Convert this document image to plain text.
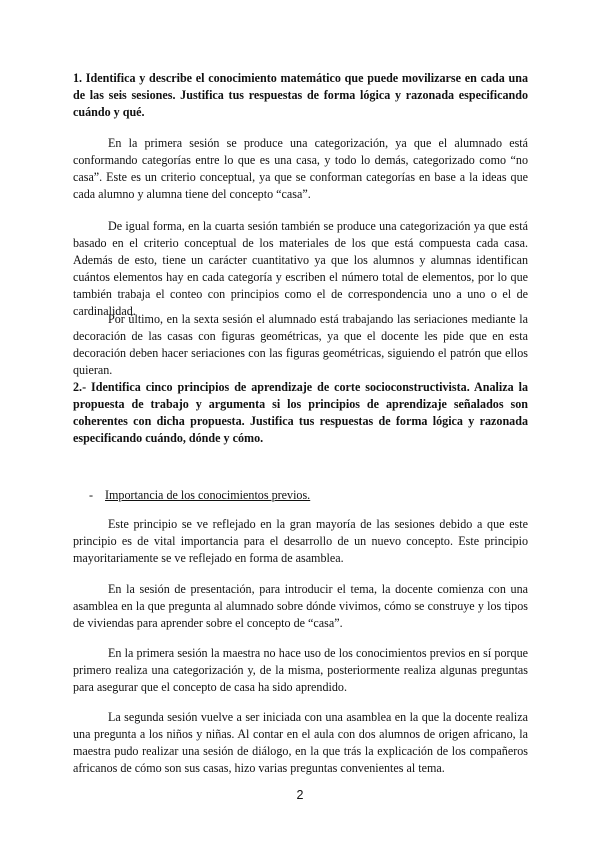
1. Identifica y describe el conocimiento matemático que puede movilizarse en cada una de las seis sesiones. Justifica tus respuestas de forma lógica y razonada especificando cuándo y qué.
En la primera sesión se produce una categorización, ya que el alumnado está conformando categorías entre lo que es una casa, y todo lo demás, categorizado como “no casa”. Este es un criterio conceptual, ya que se conforman categorías en base a la ideas que cada alumno y alumna tiene del concepto “casa”.
De igual forma, en la cuarta sesión también se produce una categorización ya que está basado en el criterio conceptual de los materiales de los que está compuesta cada casa. Además de esto, tiene un carácter cuantitativo ya que los alumnos y alumnas identifican cuántos elementos hay en cada categoría y escriben el número total de elementos, por lo que también trabaja el conteo con principios como el de correspondencia uno a uno o el de cardinalidad.
Por último, en la sexta sesión el alumnado está trabajando las seriaciones mediante la decoración de las casas con figuras geométricas, ya que el docente les pide que en esta decoración deben hacer seriaciones con las figuras geométricas, siguiendo el patrón que ellos quieran.
2.- Identifica cinco principios de aprendizaje de corte socioconstructivista. Analiza la propuesta de trabajo y argumenta si los principios de aprendizaje señalados son coherentes con dicha propuesta. Justifica tus respuestas de forma lógica y razonada especificando cuándo, dónde y cómo.
- Importancia de los conocimientos previos.
Este principio se ve reflejado en la gran mayoría de las sesiones debido a que este principio es de vital importancia para el desarrollo de un nuevo concepto. Este principio mayoritariamente se ve reflejado en forma de asamblea.
En la sesión de presentación, para introducir el tema, la docente comienza con una asamblea en la que pregunta al alumnado sobre dónde vivimos, cómo se construye y los tipos de viviendas para aprender sobre el concepto de “casa”.
En la primera sesión la maestra no hace uso de los conocimientos previos en sí porque primero realiza una categorización y, de la misma, posteriormente realiza algunas preguntas para asegurar que el concepto de casa ha sido aprendido.
La segunda sesión vuelve a ser iniciada con una asamblea en la que la docente realiza una pregunta a los niños y niñas. Al contar en el aula con dos alumnos de origen africano, la maestra pudo realizar una sesión de diálogo, en la que trás la explicación de los compañeros africanos de cómo son sus casas, hizo varias preguntas convenientes al tema.
2
